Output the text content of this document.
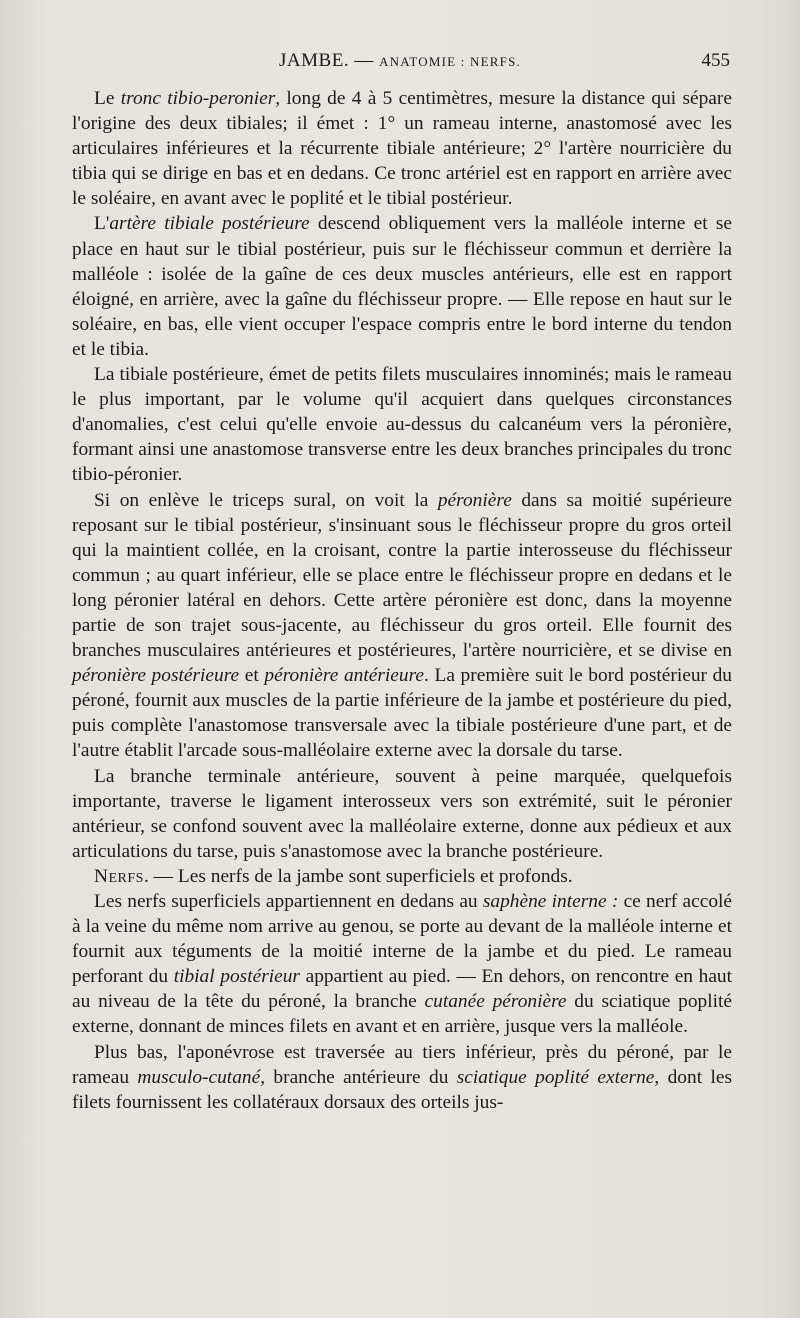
JAMBE. — ANATOMIE : NERFS.	455

Le tronc tibio-peronier, long de 4 à 5 centimètres, mesure la distance qui sépare l'origine des deux tibiales; il émet : 1° un rameau interne, anastomosé avec les articulaires inférieures et la récurrente tibiale antérieure; 2° l'artère nourricière du tibia qui se dirige en bas et en dedans. Ce tronc artériel est en rapport en arrière avec le soléaire, en avant avec le poplité et le tibial postérieur.

L'artère tibiale postérieure descend obliquement vers la malléole interne et se place en haut sur le tibial postérieur, puis sur le fléchisseur commun et derrière la malléole : isolée de la gaîne de ces deux muscles antérieurs, elle est en rapport éloigné, en arrière, avec la gaîne du fléchisseur propre. — Elle repose en haut sur le soléaire, en bas, elle vient occuper l'espace compris entre le bord interne du tendon et le tibia.

La tibiale postérieure, émet de petits filets musculaires innominés; mais le rameau le plus important, par le volume qu'il acquiert dans quelques circonstances d'anomalies, c'est celui qu'elle envoie au-dessus du calcanéum vers la péronière, formant ainsi une anastomose transverse entre les deux branches principales du tronc tibio-péronier.

Si on enlève le triceps sural, on voit la péronière dans sa moitié supérieure reposant sur le tibial postérieur, s'insinuant sous le fléchisseur propre du gros orteil qui la maintient collée, en la croisant, contre la partie interosseuse du fléchisseur commun ; au quart inférieur, elle se place entre le fléchisseur propre en dedans et le long péronier latéral en dehors. Cette artère péronière est donc, dans la moyenne partie de son trajet sous-jacente, au fléchisseur du gros orteil. Elle fournit des branches musculaires antérieures et postérieures, l'artère nourricière, et se divise en péronière postérieure et péronière antérieure. La première suit le bord postérieur du péroné, fournit aux muscles de la partie inférieure de la jambe et postérieure du pied, puis complète l'anastomose transversale avec la tibiale postérieure d'une part, et de l'autre établit l'arcade sous-malléolaire externe avec la dorsale du tarse.

La branche terminale antérieure, souvent à peine marquée, quelquefois importante, traverse le ligament interosseux vers son extrémité, suit le péronier antérieur, se confond souvent avec la malléolaire externe, donne aux pédieux et aux articulations du tarse, puis s'anastomose avec la branche postérieure.

Nerfs. — Les nerfs de la jambe sont superficiels et profonds.

Les nerfs superficiels appartiennent en dedans au saphène interne : ce nerf accolé à la veine du même nom arrive au genou, se porte au devant de la malléole interne et fournit aux téguments de la moitié interne de la jambe et du pied. Le rameau perforant du tibial postérieur appartient au pied. — En dehors, on rencontre en haut au niveau de la tête du péroné, la branche cutanée péronière du sciatique poplité externe, donnant de minces filets en avant et en arrière, jusque vers la malléole.

Plus bas, l'aponévrose est traversée au tiers inférieur, près du péroné, par le rameau musculo-cutané, branche antérieure du sciatique poplité externe, dont les filets fournissent les collatéraux dorsaux des orteils jus-
